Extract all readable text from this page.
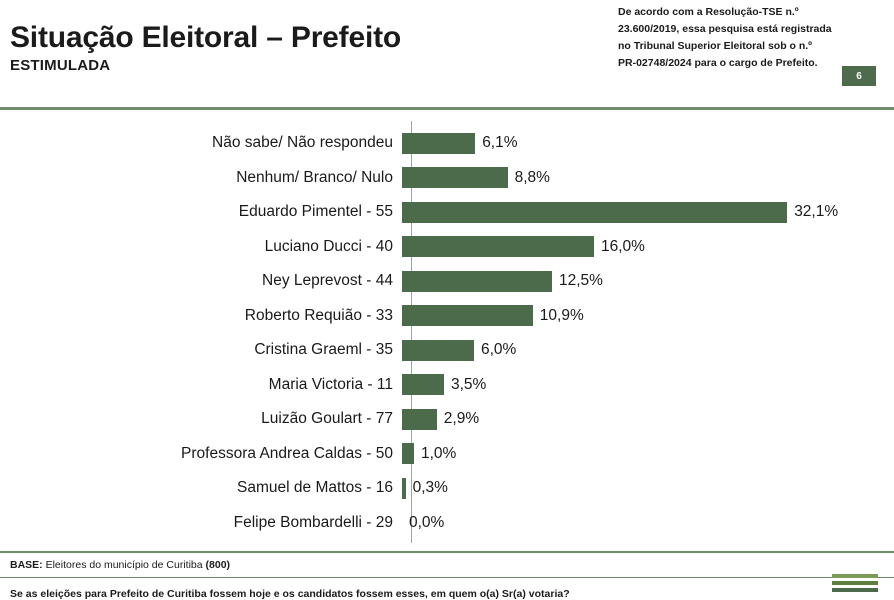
Situação Eleitoral – Prefeito
ESTIMULADA

De acordo com a Resolução-TSE n.º

23.600/2019, essa pesquisa está registrada

no Tribunal Superior Eleitoral sob o n.º

PR-02748/2024 para o cargo de Prefeito.

6
Não sabe/ Não respondeu	6,1%
Nenhum/ Branco/ Nulo	8,8%
Eduardo Pimentel - 55	32,1%
Luciano Ducci - 40	16,0%
Ney Leprevost - 44	12,5%
Roberto Requião - 33	10,9%
Cristina Graeml - 35	6,0%
Maria Victoria - 11	3,5%
Luizão Goulart - 77	2,9%
Professora Andrea Caldas - 50	1,0%
Samuel de Mattos - 16	0,3%
Felipe Bombardelli - 29	0,0%
BASE: Eleitores do município de Curitiba (800)
Se as eleições para Prefeito de Curitiba fossem hoje e os candidatos fossem esses, em quem o(a) Sr(a) votaria?
